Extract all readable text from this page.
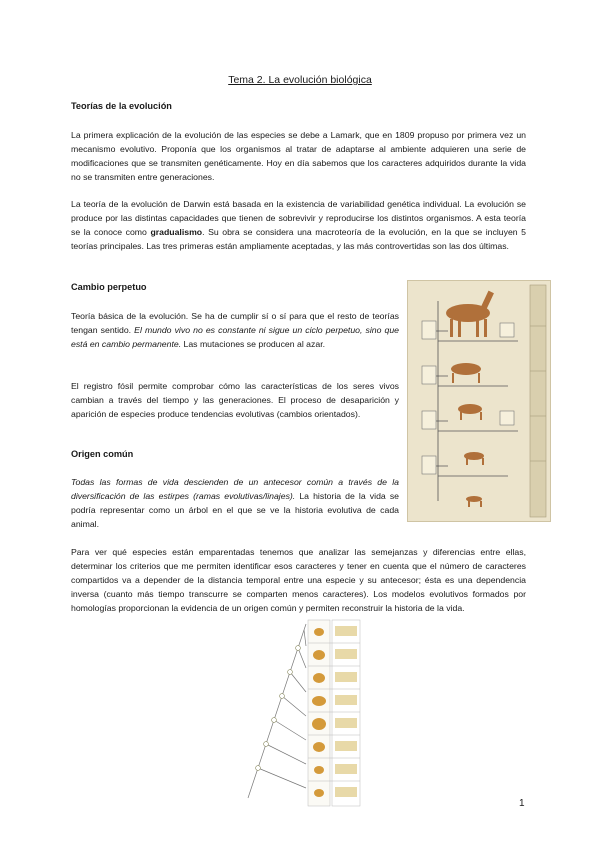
Tema 2. La evolución biológica
Teorías de la evolución
La primera explicación de la evolución de las especies se debe a Lamark, que en 1809 propuso por primera vez un mecanismo evolutivo. Proponía que los organismos al tratar de adaptarse al ambiente adquieren una serie de modificaciones que se transmiten genéticamente. Hoy en día sabemos que los caracteres adquiridos durante la vida no se transmiten entre generaciones.
La teoría de la evolución de Darwin está basada en la existencia de variabilidad genética individual. La evolución se produce por las distintas capacidades que tienen de sobrevivir y reproducirse los distintos organismos. A esta teoría se la conoce como gradualismo. Su obra se considera una macroteoría de la evolución, en la que se incluyen 5 teorías principales. Las tres primeras están ampliamente aceptadas, y las más controvertidas son las dos últimas.
Cambio perpetuo
Teoría básica de la evolución. Se ha de cumplir sí o sí para que el resto de teorías tengan sentido. El mundo vivo no es constante ni sigue un ciclo perpetuo, sino que está en cambio permanente. Las mutaciones se producen al azar.
El registro fósil permite comprobar cómo las características de los seres vivos cambian a través del tiempo y las generaciones. El proceso de desaparición y aparición de especies produce tendencias evolutivas (cambios orientados).
Origen común
Todas las formas de vida descienden de un antecesor común a través de la diversificación de las estirpes (ramas evolutivas/linajes). La historia de la vida se podría representar como un árbol en el que se ve la historia evolutiva de cada animal.
Para ver qué especies están emparentadas tenemos que analizar las semejanzas y diferencias entre ellas, determinar los criterios que me permiten identificar esos caracteres y tener en cuenta que el número de caracteres compartidos va a depender de la distancia temporal entre una especie y su antecesor; ésta es una dependencia inversa (cuanto más tiempo transcurre se comparten menos caracteres). Los modelos evolutivos formados por homologías proporcionan la evidencia de un origen común y permiten reconstruir la historia de la vida.
1
